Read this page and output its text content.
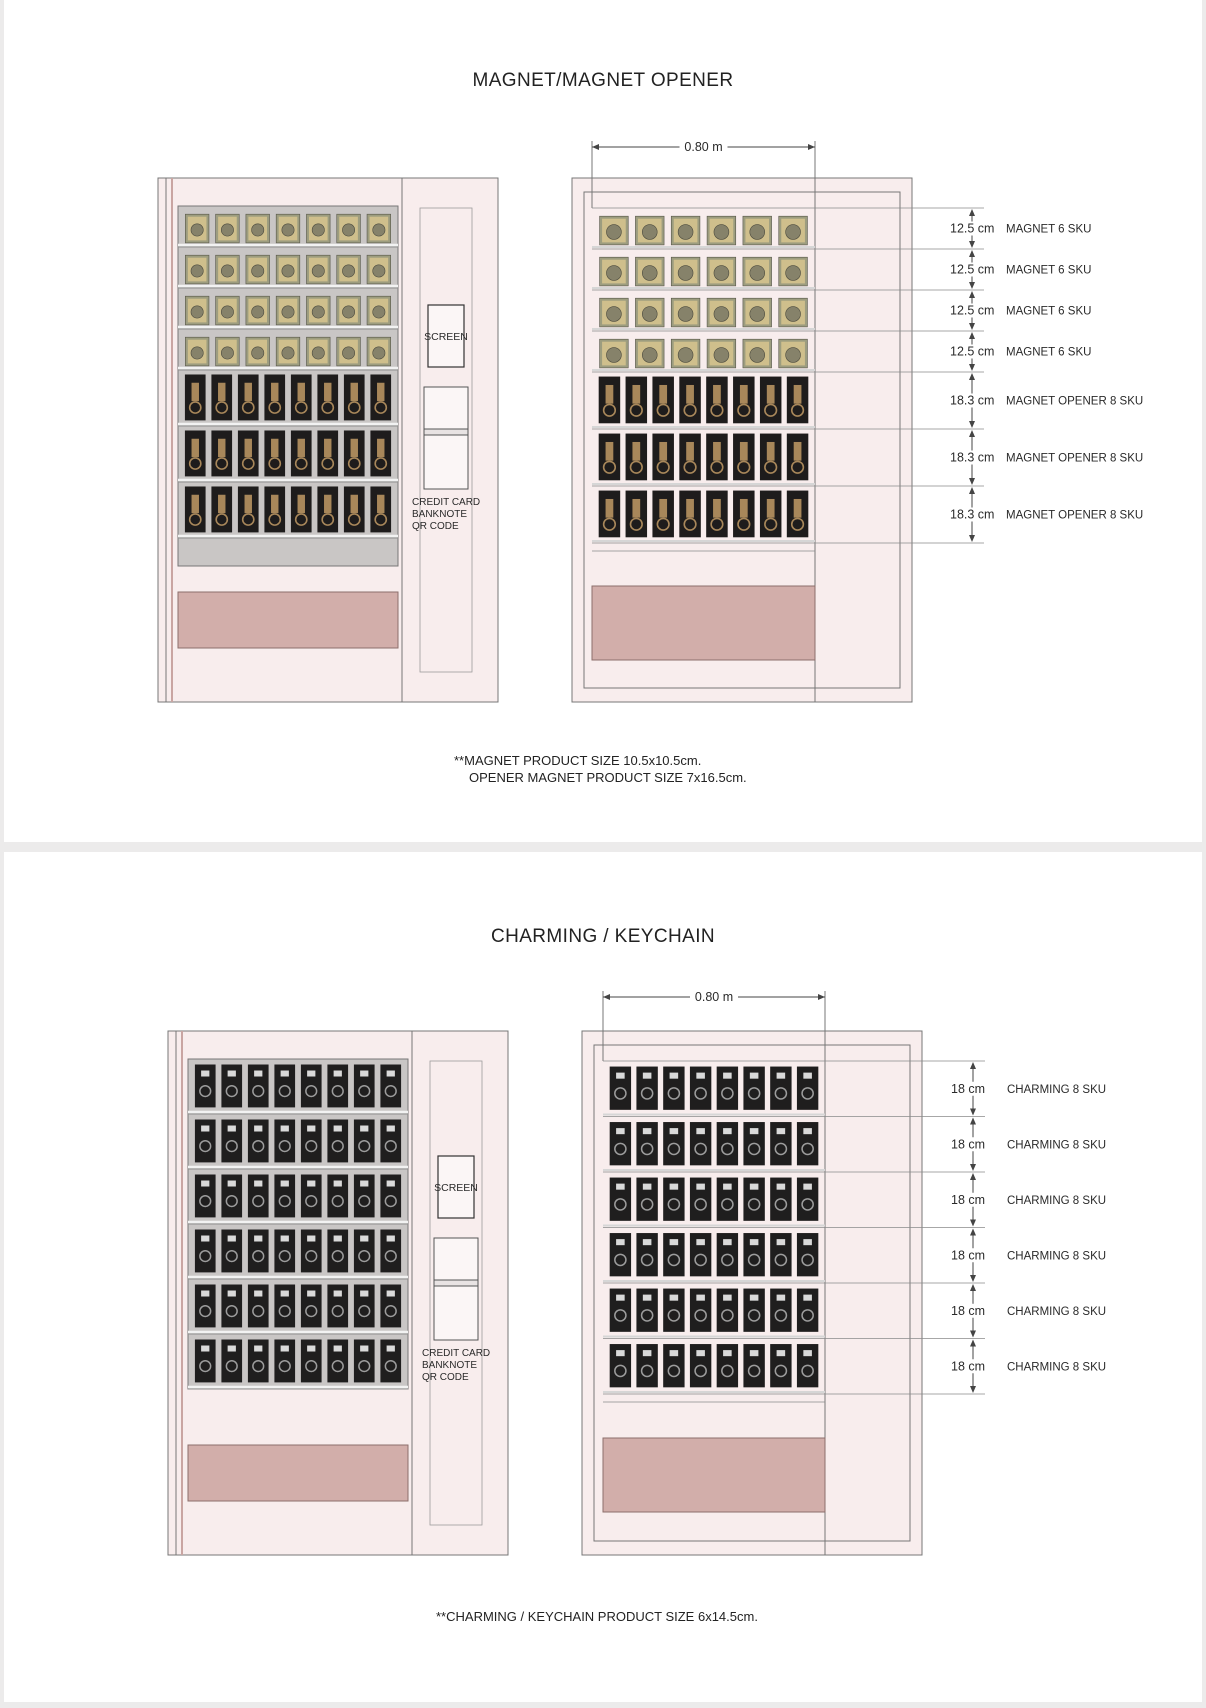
MAGNET/MAGNET OPENER
CHARMING / KEYCHAIN
**MAGNET PRODUCT SIZE 10.5x10.5cm.
OPENER MAGNET PRODUCT SIZE 7x16.5cm.
**CHARMING / KEYCHAIN PRODUCT SIZE 6x14.5cm.
SCREEN
CREDIT CARD
BANKNOTE
QR CODE
0.80 m
12.5 cm MAGNET 6 SKU
12.5 cm MAGNET 6 SKU
12.5 cm MAGNET 6 SKU
12.5 cm MAGNET 6 SKU
18.3 cm MAGNET OPENER 8 SKU
18.3 cm MAGNET OPENER 8 SKU
18.3 cm MAGNET OPENER 8 SKU
SCREEN
CREDIT CARD
BANKNOTE
QR CODE
0.80 m
18 cm CHARMING 8 SKU
18 cm CHARMING 8 SKU
18 cm CHARMING 8 SKU
18 cm CHARMING 8 SKU
18 cm CHARMING 8 SKU
18 cm CHARMING 8 SKU
